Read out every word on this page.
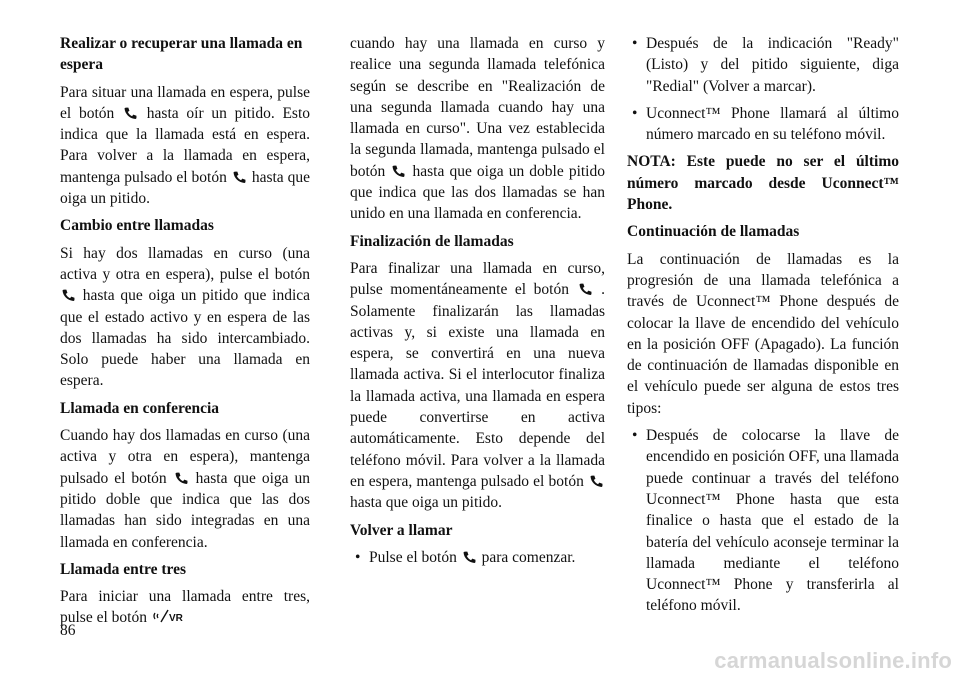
Realizar o recuperar una llamada en espera

Para situar una llamada en espera, pulse el botón hasta oír un pitido. Esto indica que la llamada está en espera. Para volver a la llamada en espera, mantenga pulsado el botón hasta que oiga un pitido.

Cambio entre llamadas

Si hay dos llamadas en curso (una activa y otra en espera), pulse el botón
hasta que oiga un pitido que indica que el estado activo y en espera de las dos llamadas ha sido intercambiado. Solo puede haber una llamada en espera.

Llamada en conferencia

Cuando hay dos llamadas en curso (una activa y otra en espera), mantenga pulsado el botón hasta que oiga un pitido doble que indica que las dos llamadas han sido integradas en una llamada en conferencia.

Llamada entre tres

Para iniciar una llamada entre tres, pulse el botón VR

cuando hay una llamada en curso y realice una segunda llamada telefónica según se describe en "Realización de una segunda llamada cuando hay una llamada en curso". Una vez establecida la segunda llamada, mantenga pulsado el botón hasta que oiga un doble pitido que indica que las dos llamadas se han unido en una llamada en conferencia.

Finalización de llamadas

Para finalizar una llamada en curso, pulse momentáneamente el botón . Solamente finalizarán las llamadas activas y, si existe una llamada en espera, se convertirá en una nueva llamada activa. Si el interlocutor finaliza la llamada activa, una llamada en espera puede convertirse en activa automáticamente. Esto depende del teléfono móvil. Para volver a la llamada en espera, mantenga pulsado el botón
hasta que oiga un pitido.

Volver a llamar
• Pulse el botón para comenzar.
• Después de la indicación "Ready" (Listo) y del pitido siguiente, diga "Redial" (Volver a marcar).
• Uconnect™ Phone llamará al último número marcado en su teléfono móvil.

NOTA: Este puede no ser el último número marcado desde Uconnect™ Phone.

Continuación de llamadas

La continuación de llamadas es la progresión de una llamada telefónica a través de Uconnect™ Phone después de colocar la llave de encendido del vehículo en la posición OFF (Apagado). La función de continuación de llamadas disponible en el vehículo puede ser alguna de estos tres tipos:

• Después de colocarse la llave de encendido en posición OFF, una llamada puede continuar a través del teléfono Uconnect™ Phone hasta que esta finalice o hasta que el estado de la batería del vehículo aconseje terminar la llamada mediante el teléfono Uconnect™ Phone y transferirla al teléfono móvil.
86
carmanualsonline.info
